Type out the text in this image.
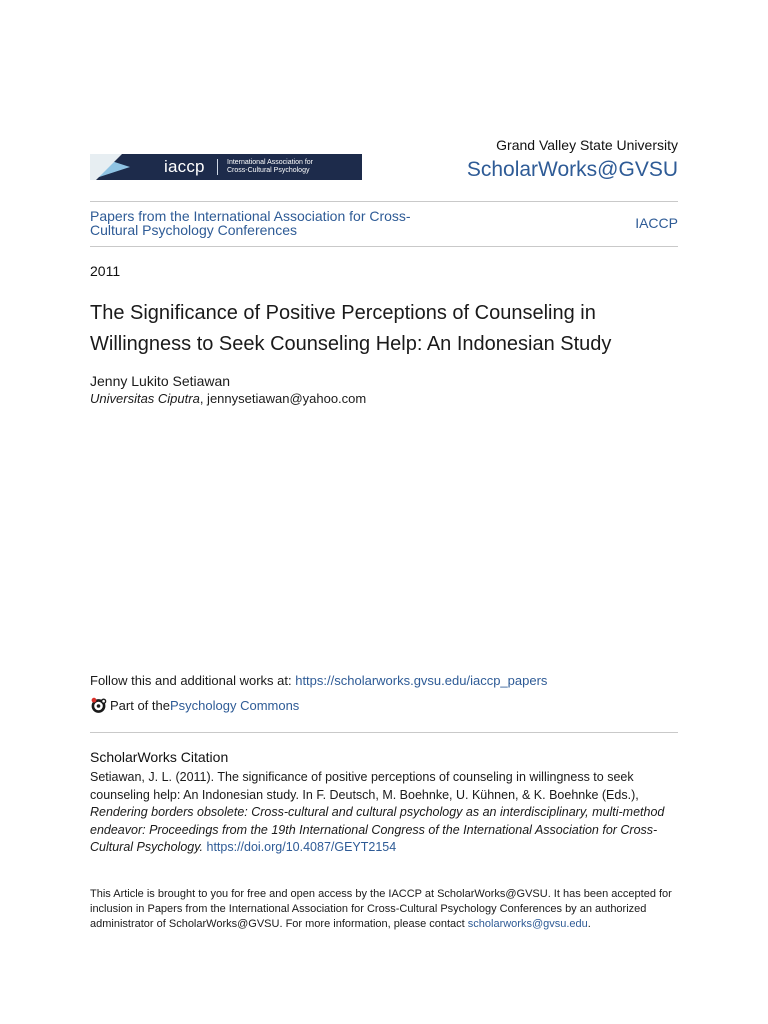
iaccp	International Association for
Cross-Cultural Psychology
Grand Valley State University
ScholarWorks@GVSU
Papers from the International Association for Cross-Cultural Psychology Conferences	IACCP
2011
The Significance of Positive Perceptions of Counseling in Willingness to Seek Counseling Help: An Indonesian Study
Jenny Lukito Setiawan
Universitas Ciputra, jennysetiawan@yahoo.com
Follow this and additional works at: https://scholarworks.gvsu.edu/iaccp_papers
Part of the Psychology Commons
ScholarWorks Citation
Setiawan, J. L. (2011). The significance of positive perceptions of counseling in willingness to seek counseling help: An Indonesian study. In F. Deutsch, M. Boehnke, U. Kühnen, & K. Boehnke (Eds.), Rendering borders obsolete: Cross-cultural and cultural psychology as an interdisciplinary, multi-method endeavor: Proceedings from the 19th International Congress of the International Association for Cross-Cultural Psychology. https://doi.org/10.4087/GEYT2154
This Article is brought to you for free and open access by the IACCP at ScholarWorks@GVSU. It has been accepted for inclusion in Papers from the International Association for Cross-Cultural Psychology Conferences by an authorized administrator of ScholarWorks@GVSU. For more information, please contact scholarworks@gvsu.edu.
